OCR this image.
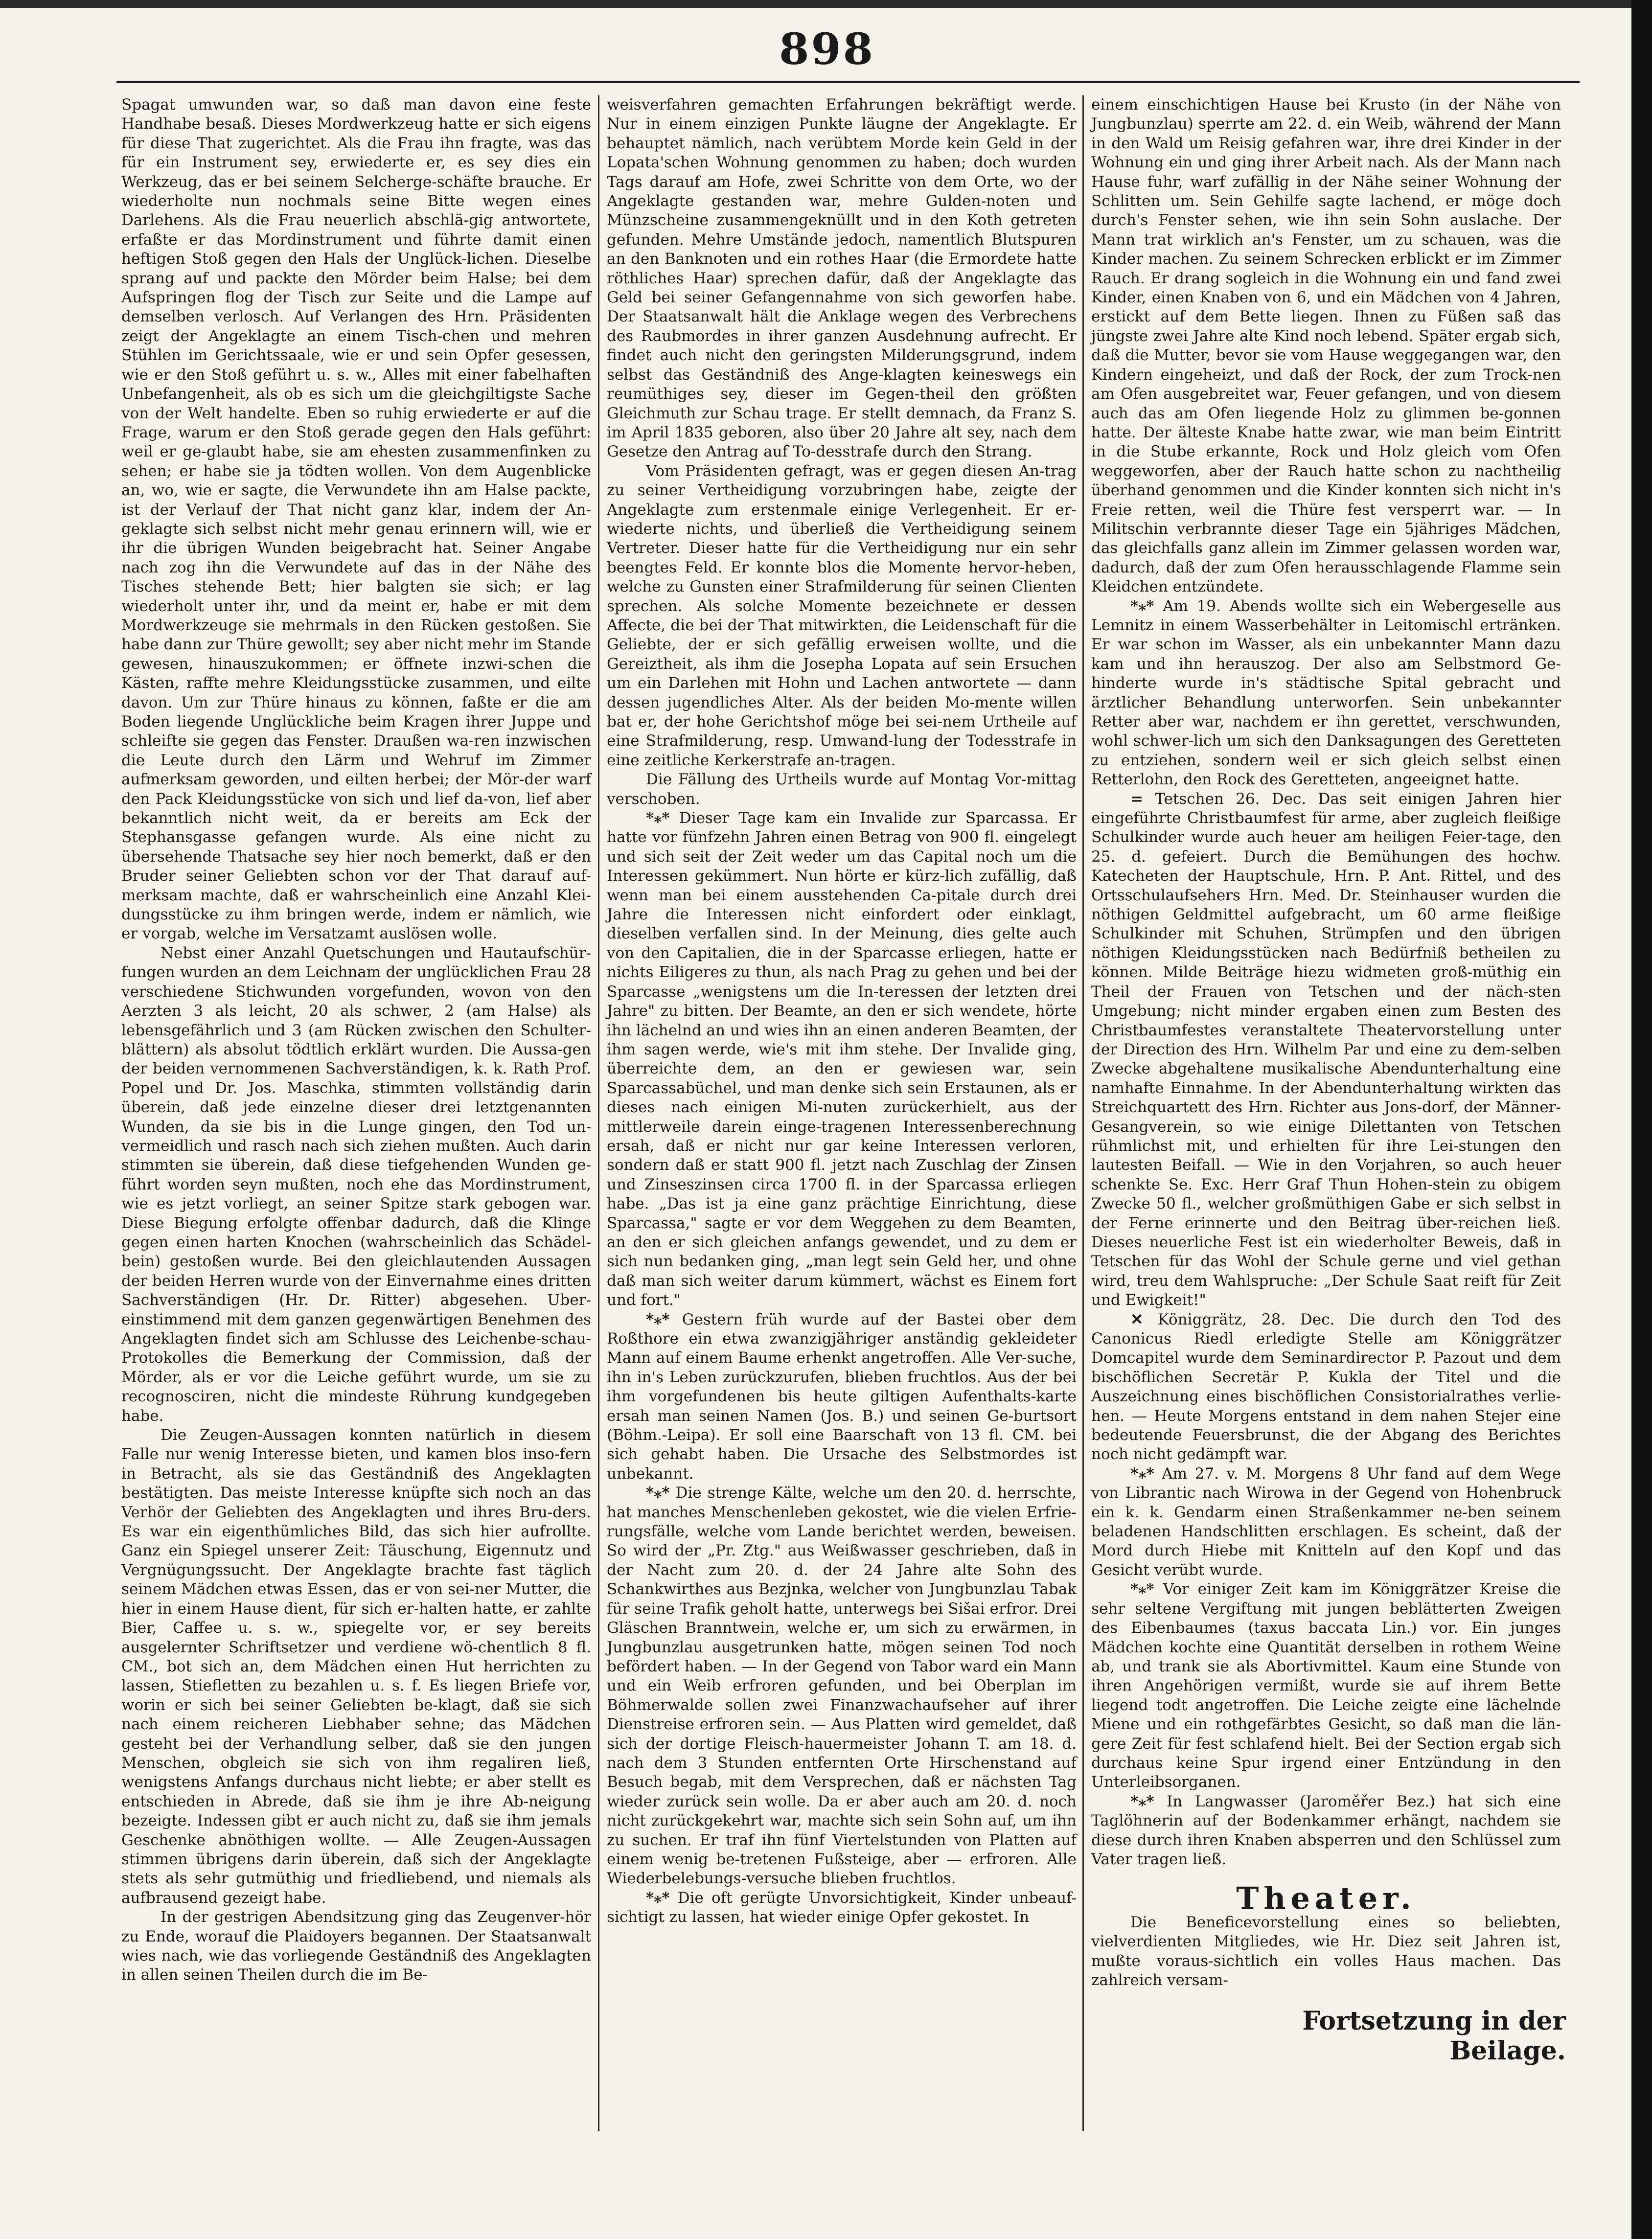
898

Spagat umwunden war, so daß man davon eine feste Handhabe besaß. Dieses Mordwerkzeug hatte er sich eigens für diese That zugerichtet. Als die Frau ihn fragte, was das für ein Instrument sey, erwiederte er, es sey dies ein Werkzeug, das er bei seinem Selcherge-schäfte brauche. Er wiederholte nun nochmals seine Bitte wegen eines Darlehens. Als die Frau neuerlich abschlä-gig antwortete, erfaßte er das Mordinstrument und führte damit einen heftigen Stoß gegen den Hals der Unglück-lichen. Dieselbe sprang auf und packte den Mörder beim Halse; bei dem Aufspringen flog der Tisch zur Seite und die Lampe auf demselben verlosch. Auf Verlangen des Hrn. Präsidenten zeigt der Angeklagte an einem Tisch-chen und mehren Stühlen im Gerichtssaale, wie er und sein Opfer gesessen, wie er den Stoß geführt u. s. w., Alles mit einer fabelhaften Unbefangenheit, als ob es sich um die gleichgiltigste Sache von der Welt handelte. Eben so ruhig erwiederte er auf die Frage, warum er den Stoß gerade gegen den Hals geführt: weil er ge-glaubt habe, sie am ehesten zusammenfinken zu sehen; er habe sie ja tödten wollen. Von dem Augenblicke an, wo, wie er sagte, die Verwundete ihn am Halse packte, ist der Verlauf der That nicht ganz klar, indem der An-geklagte sich selbst nicht mehr genau erinnern will, wie er ihr die übrigen Wunden beigebracht hat. Seiner Angabe nach zog ihn die Verwundete auf das in der Nähe des Tisches stehende Bett; hier balgten sie sich; er lag wiederholt unter ihr, und da meint er, habe er mit dem Mordwerkzeuge sie mehrmals in den Rücken gestoßen. Sie habe dann zur Thüre gewollt; sey aber nicht mehr im Stande gewesen, hinauszukommen; er öffnete inzwi-schen die Kästen, raffte mehre Kleidungsstücke zusammen, und eilte davon. Um zur Thüre hinaus zu können, faßte er die am Boden liegende Unglückliche beim Kragen ihrer Juppe und schleifte sie gegen das Fenster. Draußen wa-ren inzwischen die Leute durch den Lärm und Wehruf im Zimmer aufmerksam geworden, und eilten herbei; der Mör-der warf den Pack Kleidungsstücke von sich und lief da-von, lief aber bekanntlich nicht weit, da er bereits am Eck der Stephansgasse gefangen wurde. Als eine nicht zu übersehende Thatsache sey hier noch bemerkt, daß er den Bruder seiner Geliebten schon vor der That darauf auf-merksam machte, daß er wahrscheinlich eine Anzahl Klei-dungsstücke zu ihm bringen werde, indem er nämlich, wie er vorgab, welche im Versatzamt auslösen wolle.

Nebst einer Anzahl Quetschungen und Hautaufschür-fungen wurden an dem Leichnam der unglücklichen Frau 28 verschiedene Stichwunden vorgefunden, wovon von den Aerzten 3 als leicht, 20 als schwer, 2 (am Halse) als lebensgefährlich und 3 (am Rücken zwischen den Schulter-blättern) als absolut tödtlich erklärt wurden. Die Aussa-gen der beiden vernommenen Sachverständigen, k. k. Rath Prof. Popel und Dr. Jos. Maschka, stimmten vollständig darin überein, daß jede einzelne dieser drei letztgenannten Wunden, da sie bis in die Lunge gingen, den Tod un-vermeidlich und rasch nach sich ziehen mußten. Auch darin stimmten sie überein, daß diese tiefgehenden Wunden ge-führt worden seyn mußten, noch ehe das Mordinstrument, wie es jetzt vorliegt, an seiner Spitze stark gebogen war. Diese Biegung erfolgte offenbar dadurch, daß die Klinge gegen einen harten Knochen (wahrscheinlich das Schädel-bein) gestoßen wurde. Bei den gleichlautenden Aussagen der beiden Herren wurde von der Einvernahme eines dritten Sachverständigen (Hr. Dr. Ritter) abgesehen. Uber-einstimmend mit dem ganzen gegenwärtigen Benehmen des Angeklagten findet sich am Schlusse des Leichenbe-schau-Protokolles die Bemerkung der Commission, daß der Mörder, als er vor die Leiche geführt wurde, um sie zu recognosciren, nicht die mindeste Rührung kundgegeben habe.

Die Zeugen-Aussagen konnten natürlich in diesem Falle nur wenig Interesse bieten, und kamen blos inso-fern in Betracht, als sie das Geständniß des Angeklagten bestätigten. Das meiste Interesse knüpfte sich noch an das Verhör der Geliebten des Angeklagten und ihres Bru-ders. Es war ein eigenthümliches Bild, das sich hier aufrollte. Ganz ein Spiegel unserer Zeit: Täuschung, Eigennutz und Vergnügungssucht. Der Angeklagte brachte fast täglich seinem Mädchen etwas Essen, das er von sei-ner Mutter, die hier in einem Hause dient, für sich er-halten hatte, er zahlte Bier, Caffee u. s. w., spiegelte vor, er sey bereits ausgelernter Schriftsetzer und verdiene wö-chentlich 8 fl. CM., bot sich an, dem Mädchen einen Hut herrichten zu lassen, Stiefletten zu bezahlen u. s. f. Es liegen Briefe vor, worin er sich bei seiner Geliebten be-klagt, daß sie sich nach einem reicheren Liebhaber sehne; das Mädchen gesteht bei der Verhandlung selber, daß sie den jungen Menschen, obgleich sie sich von ihm regaliren ließ, wenigstens Anfangs durchaus nicht liebte; er aber stellt es entschieden in Abrede, daß sie ihm je ihre Ab-neigung bezeigte. Indessen gibt er auch nicht zu, daß sie ihm jemals Geschenke abnöthigen wollte. — Alle Zeugen-Aussagen stimmen übrigens darin überein, daß sich der Angeklagte stets als sehr gutmüthig und friedliebend, und niemals als aufbrausend gezeigt habe.

In der gestrigen Abendsitzung ging das Zeugenver-hör zu Ende, worauf die Plaidoyers begannen. Der Staatsanwalt wies nach, wie das vorliegende Geständniß des Angeklagten in allen seinen Theilen durch die im Be-

weisverfahren gemachten Erfahrungen bekräftigt werde. Nur in einem einzigen Punkte läugne der Angeklagte. Er behauptet nämlich, nach verübtem Morde kein Geld in der Lopata'schen Wohnung genommen zu haben; doch wurden Tags darauf am Hofe, zwei Schritte von dem Orte, wo der Angeklagte gestanden war, mehre Gulden-noten und Münzscheine zusammengeknüllt und in den Koth getreten gefunden. Mehre Umstände jedoch, namentlich Blutspuren an den Banknoten und ein rothes Haar (die Ermordete hatte röthliches Haar) sprechen dafür, daß der Angeklagte das Geld bei seiner Gefangennahme von sich geworfen habe. Der Staatsanwalt hält die Anklage wegen des Verbrechens des Raubmordes in ihrer ganzen Ausdehnung aufrecht. Er findet auch nicht den geringsten Milderungsgrund, indem selbst das Geständniß des Ange-klagten keineswegs ein reumüthiges sey, dieser im Gegen-theil den größten Gleichmuth zur Schau trage. Er stellt demnach, da Franz S. im April 1835 geboren, also über 20 Jahre alt sey, nach dem Gesetze den Antrag auf To-desstrafe durch den Strang.

Vom Präsidenten gefragt, was er gegen diesen An-trag zu seiner Vertheidigung vorzubringen habe, zeigte der Angeklagte zum erstenmale einige Verlegenheit. Er er-wiederte nichts, und überließ die Vertheidigung seinem Vertreter. Dieser hatte für die Vertheidigung nur ein sehr beengtes Feld. Er konnte blos die Momente hervor-heben, welche zu Gunsten einer Strafmilderung für seinen Clienten sprechen. Als solche Momente bezeichnete er dessen Affecte, die bei der That mitwirkten, die Leidenschaft für die Geliebte, der er sich gefällig erweisen wollte, und die Gereiztheit, als ihm die Josepha Lopata auf sein Ersuchen um ein Darlehen mit Hohn und Lachen antwortete — dann dessen jugendliches Alter. Als der beiden Mo-mente willen bat er, der hohe Gerichtshof möge bei sei-nem Urtheile auf eine Strafmilderung, resp. Umwand-lung der Todesstrafe in eine zeitliche Kerkerstrafe an-tragen.

Die Fällung des Urtheils wurde auf Montag Vor-mittag verschoben.

*⁎* Dieser Tage kam ein Invalide zur Sparcassa. Er hatte vor fünfzehn Jahren einen Betrag von 900 fl. eingelegt und sich seit der Zeit weder um das Capital noch um die Interessen gekümmert. Nun hörte er kürz-lich zufällig, daß wenn man bei einem ausstehenden Ca-pitale durch drei Jahre die Interessen nicht einfordert oder einklagt, dieselben verfallen sind. In der Meinung, dies gelte auch von den Capitalien, die in der Sparcasse erliegen, hatte er nichts Eiligeres zu thun, als nach Prag zu gehen und bei der Sparcasse „wenigstens um die In-teressen der letzten drei Jahre" zu bitten. Der Beamte, an den er sich wendete, hörte ihn lächelnd an und wies ihn an einen anderen Beamten, der ihm sagen werde, wie's mit ihm stehe. Der Invalide ging, überreichte dem, an den er gewiesen war, sein Sparcassabüchel, und man denke sich sein Erstaunen, als er dieses nach einigen Mi-nuten zurückerhielt, aus der mittlerweile darein einge-tragenen Interessenberechnung ersah, daß er nicht nur gar keine Interessen verloren, sondern daß er statt 900 fl. jetzt nach Zuschlag der Zinsen und Zinseszinsen circa 1700 fl. in der Sparcassa erliegen habe. „Das ist ja eine ganz prächtige Einrichtung, diese Sparcassa," sagte er vor dem Weggehen zu dem Beamten, an den er sich gleichen anfangs gewendet, und zu dem er sich nun bedanken ging, „man legt sein Geld her, und ohne daß man sich weiter darum kümmert, wächst es Einem fort und fort."

*⁎* Gestern früh wurde auf der Bastei ober dem Roßthore ein etwa zwanzigjähriger anständig gekleideter Mann auf einem Baume erhenkt angetroffen. Alle Ver-suche, ihn in's Leben zurückzurufen, blieben fruchtlos. Aus der bei ihm vorgefundenen bis heute giltigen Aufenthalts-karte ersah man seinen Namen (Jos. B.) und seinen Ge-burtsort (Böhm.-Leipa). Er soll eine Baarschaft von 13 fl. CM. bei sich gehabt haben. Die Ursache des Selbstmordes ist unbekannt.

*⁎* Die strenge Kälte, welche um den 20. d. herrschte, hat manches Menschenleben gekostet, wie die vielen Erfrie-rungsfälle, welche vom Lande berichtet werden, beweisen. So wird der „Pr. Ztg." aus Weißwasser geschrieben, daß in der Nacht zum 20. d. der 24 Jahre alte Sohn des Schankwirthes aus Bezjnka, welcher von Jungbunzlau Tabak für seine Trafik geholt hatte, unterwegs bei Sišai erfror. Drei Gläschen Branntwein, welche er, um sich zu erwärmen, in Jungbunzlau ausgetrunken hatte, mögen seinen Tod noch befördert haben. — In der Gegend von Tabor ward ein Mann und ein Weib erfroren gefunden, und bei Oberplan im Böhmerwalde sollen zwei Finanzwachaufseher auf ihrer Dienstreise erfroren sein. — Aus Platten wird gemeldet, daß sich der dortige Fleisch-hauermeister Johann T. am 18. d. nach dem 3 Stunden entfernten Orte Hirschenstand auf Besuch begab, mit dem Versprechen, daß er nächsten Tag wieder zurück sein wolle. Da er aber auch am 20. d. noch nicht zurückgekehrt war, machte sich sein Sohn auf, um ihn zu suchen. Er traf ihn fünf Viertelstunden von Platten auf einem wenig be-tretenen Fußsteige, aber — erfroren. Alle Wiederbelebungs-versuche blieben fruchtlos.

*⁎* Die oft gerügte Unvorsichtigkeit, Kinder unbeauf-sichtigt zu lassen, hat wieder einige Opfer gekostet. In

einem einschichtigen Hause bei Krusto (in der Nähe von Jungbunzlau) sperrte am 22. d. ein Weib, während der Mann in den Wald um Reisig gefahren war, ihre drei Kinder in der Wohnung ein und ging ihrer Arbeit nach. Als der Mann nach Hause fuhr, warf zufällig in der Nähe seiner Wohnung der Schlitten um. Sein Gehilfe sagte lachend, er möge doch durch's Fenster sehen, wie ihn sein Sohn auslache. Der Mann trat wirklich an's Fenster, um zu schauen, was die Kinder machen. Zu seinem Schrecken erblickt er im Zimmer Rauch. Er drang sogleich in die Wohnung ein und fand zwei Kinder, einen Knaben von 6, und ein Mädchen von 4 Jahren, erstickt auf dem Bette liegen. Ihnen zu Füßen saß das jüngste zwei Jahre alte Kind noch lebend. Später ergab sich, daß die Mutter, bevor sie vom Hause weggegangen war, den Kindern eingeheizt, und daß der Rock, der zum Trock-nen am Ofen ausgebreitet war, Feuer gefangen, und von diesem auch das am Ofen liegende Holz zu glimmen be-gonnen hatte. Der älteste Knabe hatte zwar, wie man beim Eintritt in die Stube erkannte, Rock und Holz gleich vom Ofen weggeworfen, aber der Rauch hatte schon zu nachtheilig überhand genommen und die Kinder konnten sich nicht in's Freie retten, weil die Thüre fest versperrt war. — In Militschin verbrannte dieser Tage ein 5jähriges Mädchen, das gleichfalls ganz allein im Zimmer gelassen worden war, dadurch, daß der zum Ofen herausschlagende Flamme sein Kleidchen entzündete.

*⁎* Am 19. Abends wollte sich ein Webergeselle aus Lemnitz in einem Wasserbehälter in Leitomischl ertränken. Er war schon im Wasser, als ein unbekannter Mann dazu kam und ihn herauszog. Der also am Selbstmord Ge-hinderte wurde in's städtische Spital gebracht und ärztlicher Behandlung unterworfen. Sein unbekannter Retter aber war, nachdem er ihn gerettet, verschwunden, wohl schwer-lich um sich den Danksagungen des Geretteten zu entziehen, sondern weil er sich gleich selbst einen Retterlohn, den Rock des Geretteten, angeeignet hatte.

= Tetschen 26. Dec. Das seit einigen Jahren hier eingeführte Christbaumfest für arme, aber zugleich fleißige Schulkinder wurde auch heuer am heiligen Feier-tage, den 25. d. gefeiert. Durch die Bemühungen des hochw. Katecheten der Hauptschule, Hrn. P. Ant. Rittel, und des Ortsschulaufsehers Hrn. Med. Dr. Steinhauser wurden die nöthigen Geldmittel aufgebracht, um 60 arme fleißige Schulkinder mit Schuhen, Strümpfen und den übrigen nöthigen Kleidungsstücken nach Bedürfniß betheilen zu können. Milde Beiträge hiezu widmeten groß-müthig ein Theil der Frauen von Tetschen und der näch-sten Umgebung; nicht minder ergaben einen zum Besten des Christbaumfestes veranstaltete Theatervorstellung unter der Direction des Hrn. Wilhelm Par und eine zu dem-selben Zwecke abgehaltene musikalische Abendunterhaltung eine namhafte Einnahme. In der Abendunterhaltung wirkten das Streichquartett des Hrn. Richter aus Jons-dorf, der Männer-Gesangverein, so wie einige Dilettanten von Tetschen rühmlichst mit, und erhielten für ihre Lei-stungen den lautesten Beifall. — Wie in den Vorjahren, so auch heuer schenkte Se. Exc. Herr Graf Thun Hohen-stein zu obigem Zwecke 50 fl., welcher großmüthigen Gabe er sich selbst in der Ferne erinnerte und den Beitrag über-reichen ließ. Dieses neuerliche Fest ist ein wiederholter Beweis, daß in Tetschen für das Wohl der Schule gerne und viel gethan wird, treu dem Wahlspruche: „Der Schule Saat reift für Zeit und Ewigkeit!"

✕ Königgrätz, 28. Dec. Die durch den Tod des Canonicus Riedl erledigte Stelle am Königgrätzer Domcapitel wurde dem Seminardirector P. Pazout und dem bischöflichen Secretär P. Kukla der Titel und die Auszeichnung eines bischöflichen Consistorialrathes verlie-hen. — Heute Morgens entstand in dem nahen Stejer eine bedeutende Feuersbrunst, die der Abgang des Berichtes noch nicht gedämpft war.

*⁎* Am 27. v. M. Morgens 8 Uhr fand auf dem Wege von Librantic nach Wirowa in der Gegend von Hohenbruck ein k. k. Gendarm einen Straßenkammer ne-ben seinem beladenen Handschlitten erschlagen. Es scheint, daß der Mord durch Hiebe mit Knitteln auf den Kopf und das Gesicht verübt wurde.

*⁎* Vor einiger Zeit kam im Königgrätzer Kreise die sehr seltene Vergiftung mit jungen beblätterten Zweigen des Eibenbaumes (taxus baccata Lin.) vor. Ein junges Mädchen kochte eine Quantität derselben in rothem Weine ab, und trank sie als Abortivmittel. Kaum eine Stunde von ihren Angehörigen vermißt, wurde sie auf ihrem Bette liegend todt angetroffen. Die Leiche zeigte eine lächelnde Miene und ein rothgefärbtes Gesicht, so daß man die län-gere Zeit für fest schlafend hielt. Bei der Section ergab sich durchaus keine Spur irgend einer Entzündung in den Unterleibsorganen.

*⁎* In Langwasser (Jaroměřer Bez.) hat sich eine Taglöhnerin auf der Bodenkammer erhängt, nachdem sie diese durch ihren Knaben absperren und den Schlüssel zum Vater tragen ließ.

Theater.

Die Beneficevorstellung eines so beliebten, vielverdienten Mitgliedes, wie Hr. Diez seit Jahren ist, mußte voraus-sichtlich ein volles Haus machen. Das zahlreich versam-

Fortsetzung in der Beilage.
